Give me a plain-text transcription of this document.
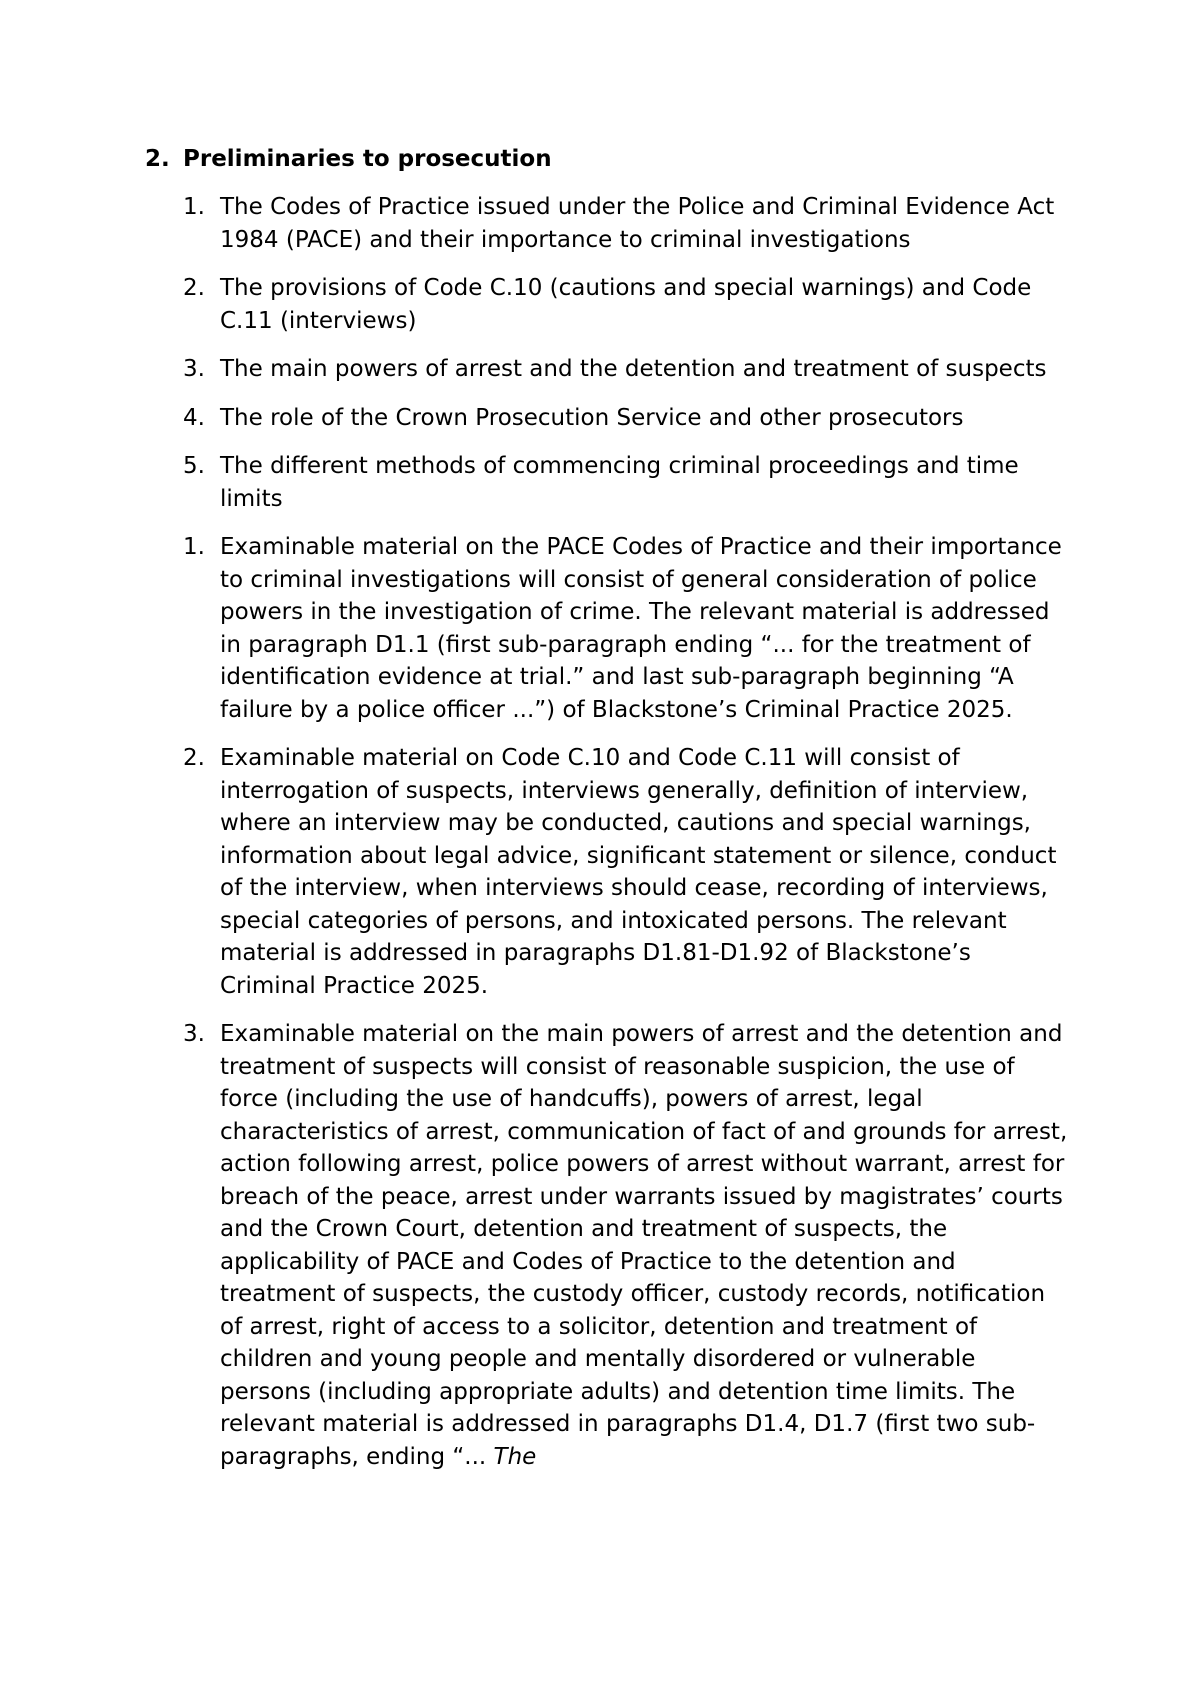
2. Preliminaries to prosecution
1. The Codes of Practice issued under the Police and Criminal Evidence Act 1984 (PACE) and their importance to criminal investigations
2. The provisions of Code C.10 (cautions and special warnings) and Code C.11 (interviews)
3. The main powers of arrest and the detention and treatment of suspects
4. The role of the Crown Prosecution Service and other prosecutors
5. The different methods of commencing criminal proceedings and time limits
1. Examinable material on the PACE Codes of Practice and their importance to criminal investigations will consist of general consideration of police powers in the investigation of crime. The relevant material is addressed in paragraph D1.1 (first sub-paragraph ending “... for the treatment of identification evidence at trial.” and last sub-paragraph beginning “A failure by a police officer ...”) of Blackstone’s Criminal Practice 2025.
2. Examinable material on Code C.10 and Code C.11 will consist of interrogation of suspects, interviews generally, definition of interview, where an interview may be conducted, cautions and special warnings, information about legal advice, significant statement or silence, conduct of the interview, when interviews should cease, recording of interviews, special categories of persons, and intoxicated persons. The relevant material is addressed in paragraphs D1.81-D1.92 of Blackstone’s Criminal Practice 2025.
3. Examinable material on the main powers of arrest and the detention and treatment of suspects will consist of reasonable suspicion, the use of force (including the use of handcuffs), powers of arrest, legal characteristics of arrest, communication of fact of and grounds for arrest, action following arrest, police powers of arrest without warrant, arrest for breach of the peace, arrest under warrants issued by magistrates’ courts and the Crown Court, detention and treatment of suspects, the applicability of PACE and Codes of Practice to the detention and treatment of suspects, the custody officer, custody records, notification of arrest, right of access to a solicitor, detention and treatment of children and young people and mentally disordered or vulnerable persons (including appropriate adults) and detention time limits. The relevant material is addressed in paragraphs D1.4, D1.7 (first two sub-paragraphs, ending “... The
